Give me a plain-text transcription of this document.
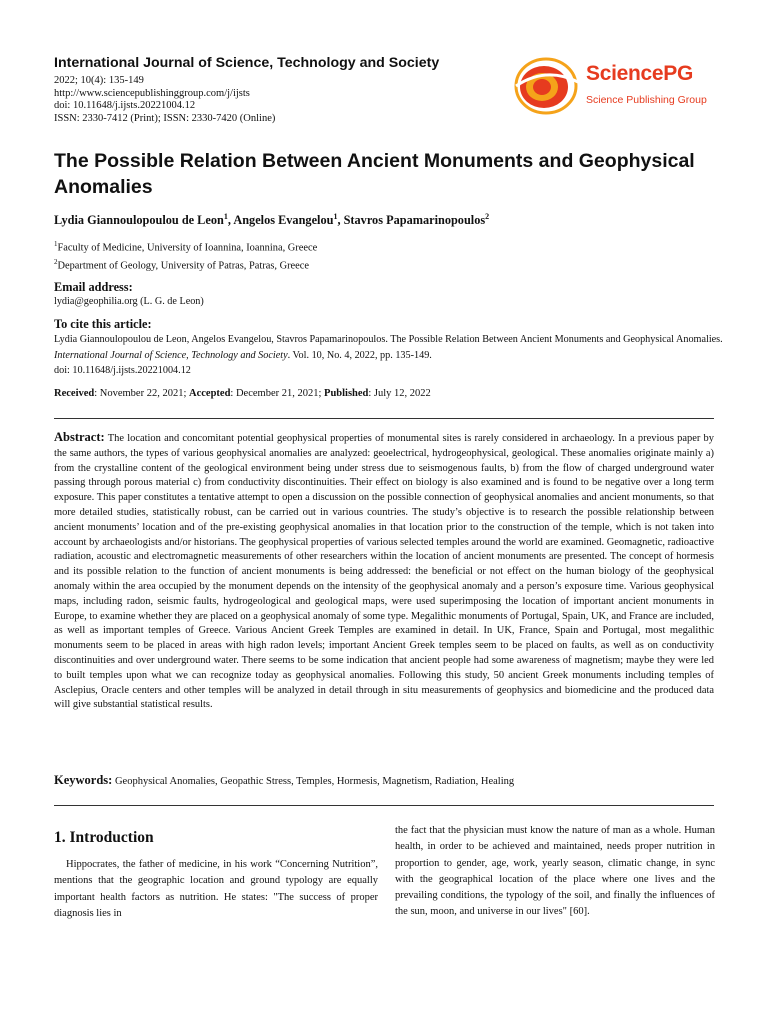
International Journal of Science, Technology and Society
2022; 10(4): 135-149
http://www.sciencepublishinggroup.com/j/ijsts
doi: 10.11648/j.ijsts.20221004.12
ISSN: 2330-7412 (Print); ISSN: 2330-7420 (Online)
SciencePG
Science Publishing Group
The Possible Relation Between Ancient Monuments and Geophysical Anomalies
Lydia Giannoulopoulou de Leon$^1$, Angelos Evangelou$^1$, Stavros Papamarinopoulos$^2$
$^1$Faculty of Medicine, University of Ioannina, Ioannina, Greece
$^2$Department of Geology, University of Patras, Patras, Greece
Email address:
lydia@geophilia.org (L. G. de Leon)
To cite this article:
Lydia Giannoulopoulou de Leon, Angelos Evangelou, Stavros Papamarinopoulos. The Possible Relation Between Ancient Monuments and Geophysical Anomalies. International Journal of Science, Technology and Society. Vol. 10, No. 4, 2022, pp. 135-149.
doi: 10.11648/j.ijsts.20221004.12
Received: November 22, 2021; Accepted: December 21, 2021; Published: July 12, 2022

Abstract: The location and concomitant potential geophysical properties of monumental sites is rarely considered in archaeology. In a previous paper by the same authors, the types of various geophysical anomalies are analyzed: geoelectrical, hydrogeophysical, geological. These anomalies originate mainly a) from the crystalline content of the geological environment being under stress due to seismogenous faults, b) from the flow of charged underground water passing through porous material c) from conductivity discontinuities. Their effect on biology is also examined and is found to be negative over a long term exposure. This paper constitutes a tentative attempt to open a discussion on the possible connection of geophysical anomalies and ancient monuments, so that more detailed studies, statistically robust, can be carried out in various countries. The study’s objective is to research the possible relationship between ancient monuments’ location and of the pre-existing geophysical anomalies in that location prior to the construction of the temple, which is not taken into account by archaeologists and/or historians. The geophysical properties of various selected temples around the world are examined. Geomagnetic, radioactive radiation, acoustic and electromagnetic measurements of other researchers within the location of ancient monuments are presented. The concept of hormesis and its possible relation to the function of ancient monuments is being addressed: the beneficial or not effect on the human biology of the geophysical anomaly within the area occupied by the monument depends on the intensity of the geophysical anomaly and a person’s exposure time. Various geophysical maps, including radon, seismic faults, hydrogeological and geological maps, were used superimposing the location of important ancient monuments in Europe, to examine whether they are placed on a geophysical anomaly of some type. Megalithic monuments of Portugal, Spain, UK, and France are included, as well as important temples of Greece. Various Ancient Greek Temples are examined in detail. In UK, France, Spain and Portugal, most megalithic monuments seem to be placed in areas with high radon levels; important Ancient Greek temples seem to be placed on faults, as well as on conductivity discontinuities and over underground water. There seems to be some indication that ancient people had some awareness of magnetism; maybe they were led to built temples upon what we can recognize today as geophysical anomalies. Following this study, 50 ancient Greek monuments including temples of Asclepius, Oracle centers and other temples will be analyzed in detail through in situ measurements of geophysics and biomedicine and the produced data will give substantial statistical results.

Keywords: Geophysical Anomalies, Geopathic Stress, Temples, Hormesis, Magnetism, Radiation, Healing
1. Introduction

Hippocrates, the father of medicine, in his work “Concerning Nutrition”, mentions that the geographic location and ground typology are equally important health factors as nutrition. He states: "The success of proper diagnosis lies in

the fact that the physician must know the nature of man as a whole. Human health, in order to be achieved and maintained, needs proper nutrition in proportion to gender, age, work, yearly season, climatic change, in sync with the geographical location of the place where one lives and the prevailing conditions, the typology of the soil, and finally the influences of the sun, moon, and universe in our lives" [60].
